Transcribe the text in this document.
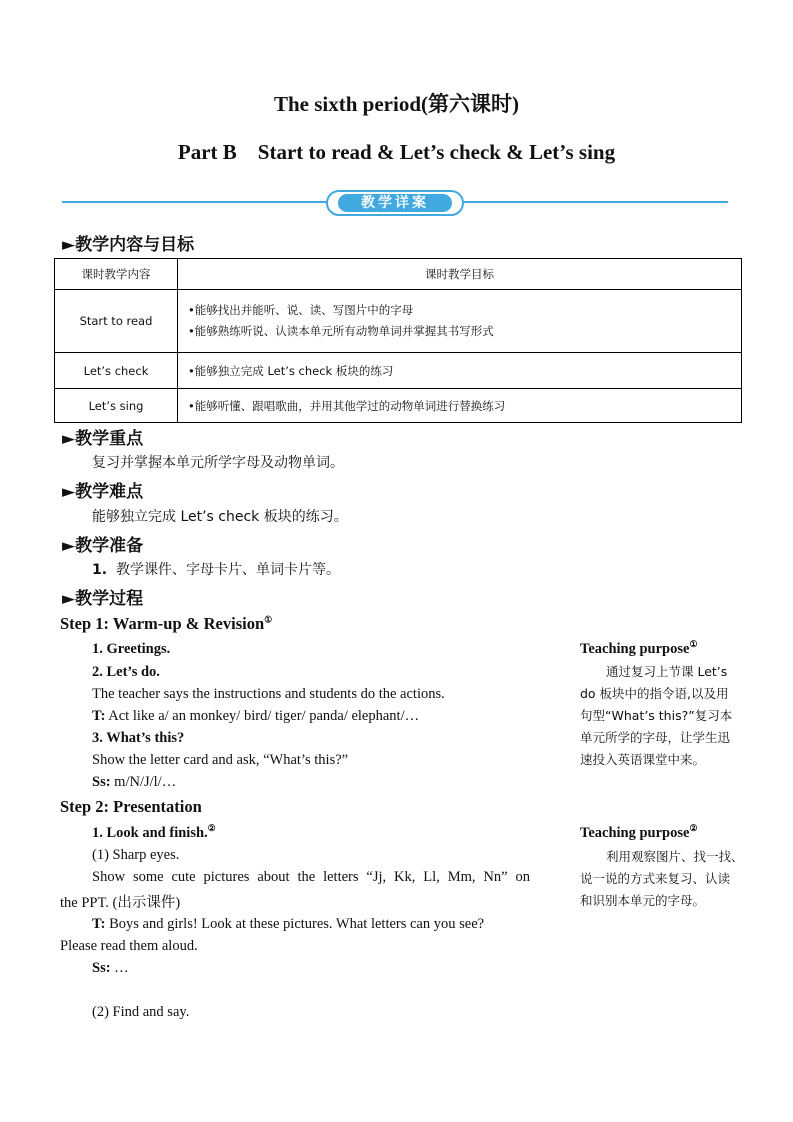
The sixth period(第六课时)
Part B    Start to read & Let’s check & Let’s sing
教学详案
►教学内容与目标
课时教学内容	课时教学目标
Start to read	•能够找出并能听、说、读、写图片中的字母
•能够熟练听说、认读本单元所有动物单词并掌握其书写形式

Let’s check	•能够独立完成 Let’s check 板块的练习
Let’s sing	•能够听懂、跟唱歌曲，并用其他学过的动物单词进行替换练习
►教学重点
复习并掌握本单元所学字母及动物单词。
►教学难点
能够独立完成 Let’s check 板块的练习。
►教学准备
1. 教学课件、字母卡片、单词卡片等。
►教学过程
Step 1: Warm-up & Revision①
1. Greetings.
2. Let’s do.
The teacher says the instructions and students do the actions.
T: Act like a/ an monkey/ bird/ tiger/ panda/ elephant/…
3. What’s this?
Show the letter card and ask, “What’s this?”
Ss: m/N/J/l/…
Step 2: Presentation
1. Look and finish.②
(1) Sharp eyes.
Show some cute pictures about the letters “Jj, Kk, Ll, Mm, Nn” on
the PPT. (出示课件)
T: Boys and girls! Look at these pictures. What letters can you see?
Please read them aloud.
Ss: …
(2) Find and say.
Teaching purpose①
通过复习上节课 Let’s
do 板块中的指令语,以及用
句型“What’s this?”复习本
单元所学的字母，让学生迅
速投入英语课堂中来。
Teaching purpose②
利用观察图片、找一找、
说一说的方式来复习、认读
和识别本单元的字母。
